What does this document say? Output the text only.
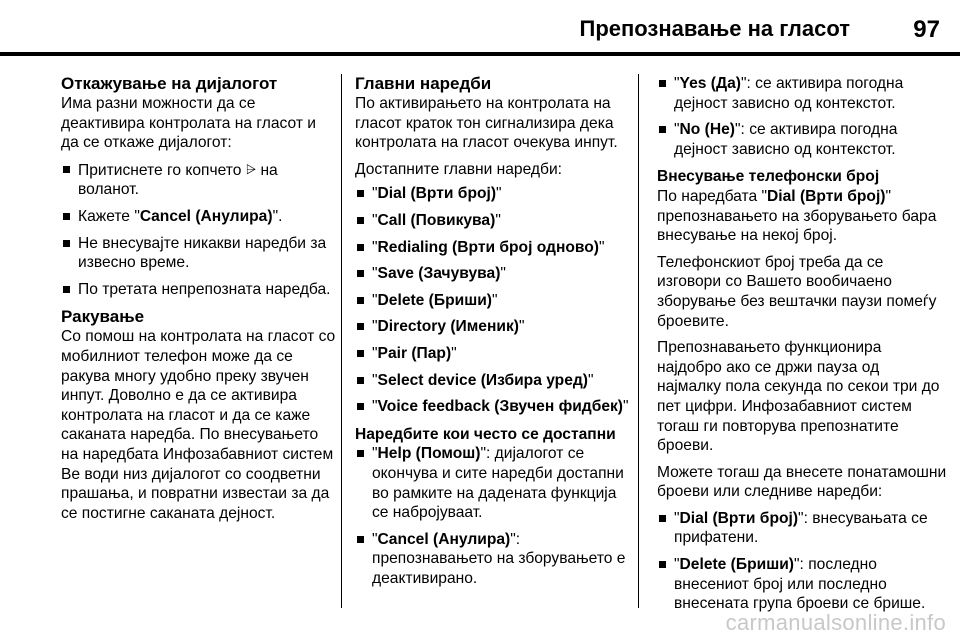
Препознавање на гласот	97
Откажување на дијалогот

Има разни можности да се деактивира контролата на гласот и да се откаже дијалогот:

Притиснете го копчето ⩥ на воланот.
Кажете "Cancel (Анулира)".
Не внесувајте никакви наредби за извесно време.
По третата непрепозната наредба.
Ракување

Со помош на контролата на гласот со мобилниот телефон може да се ракува многу удобно преку звучен инпут. Доволно е да се активира контролата на гласот и да се каже саканата наредба. По внесувањето на наредбата Инфозабавниот систем Ве води низ дијалогот со соодветни прашања, и повратни известаи за да се постигне саканата дејност.

Главни наредби

По активирањето на контролата на гласот краток тон сигнализира дека контролата на гласот очекува инпут.

Достапните главни наредби:

"Dial (Врти број)"
"Call (Повикува)"
"Redialing (Врти број одново)"
"Save (Зачувува)"
"Delete (Бриши)"
"Directory (Именик)"
"Pair (Пар)"
"Select device (Избира уред)"
"Voice feedback (Звучен фидбек)"
Наредбите кои често се достапни
"Help (Помош)": дијалогот се окончува и сите наредби достапни во рамките на дадената функција се набројуваат.
"Cancel (Анулира)": препознавањето на зборувањето е деактивирано.
"Yes (Да)": се активира погодна дејност зависно од контекстот.
"No (Не)": се активира погодна дејност зависно од контекстот.
Внесување телефонски број

По наредбата "Dial (Врти број)" препознавањето на зборувањето бара внесување на некој број.

Телефонскиот број треба да се изговори со Вашето вообичаено зборување без вештачки паузи помеѓу броевите.

Препознавањето функционира најдобро ако се држи пауза од најмалку пола секунда по секои три до пет цифри. Инфозабавниот систем тогаш ги повторува препознатите броеви.

Можете тогаш да внесете понатамошни броеви или следниве наредби:

"Dial (Врти број)": внесувањата се прифатени.
"Delete (Бриши)": последно внесениот број или последно внесената група броеви се брише.
carmanualsonline.info
